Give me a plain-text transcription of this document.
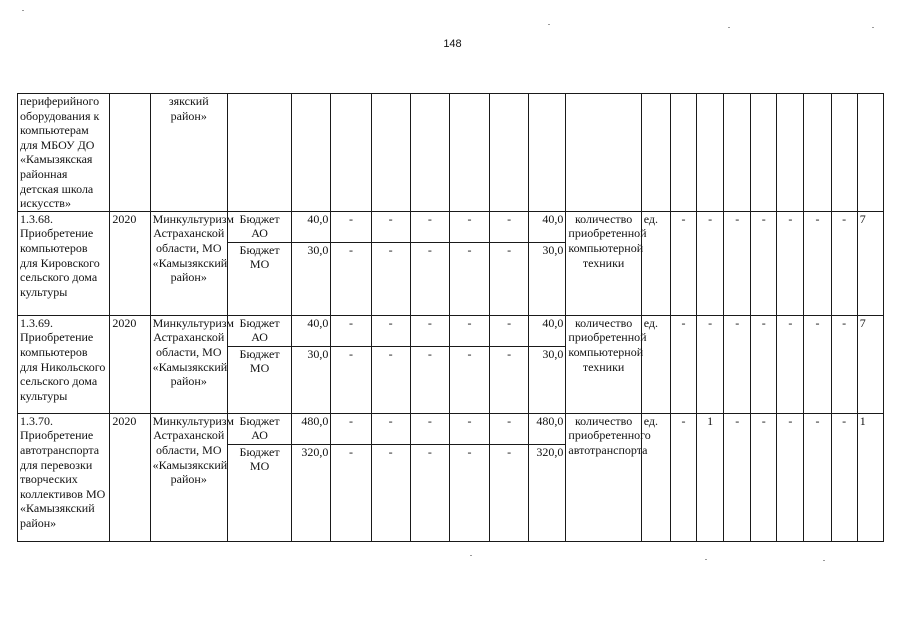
148
периферийного оборудования к компьютерам для МБОУ ДО «Камызякская районная детская школа искусств»		зякский район»																		
1.3.68. Приобретение компьютеров для Кировского сельского дома культуры	2020	Минкультуризм Астраханской области, МО «Камызякский район»	Бюджет АО	40,0	-	-	-	-	-	40,0	количество приобретенной компьютерной техники	ед.	-	-	-	-	-	-	-	7
			Бюджет МО	30,0	-	-	-	-	-	30,0										
1.3.69. Приобретение компьютеров для Никольского сельского дома культуры	2020	Минкультуризм Астраханской области, МО «Камызякский район»	Бюджет АО	40,0	-	-	-	-	-	40,0	количество приобретенной компьютерной техники	ед.	-	-	-	-	-	-	-	7
			Бюджет МО	30,0	-	-	-	-	-	30,0										
1.3.70. Приобретение автотранспорта для перевозки творческих коллективов МО «Камызякский район»	2020	Минкультуризм Астраханской области, МО «Камызякский район»	Бюджет АО	480,0	-	-	-	-	-	480,0	количество приобретенного автотранспорта	ед.	-	1	-	-	-	-	-	1
			Бюджет МО	320,0	-	-	-	-	-	320,0										
